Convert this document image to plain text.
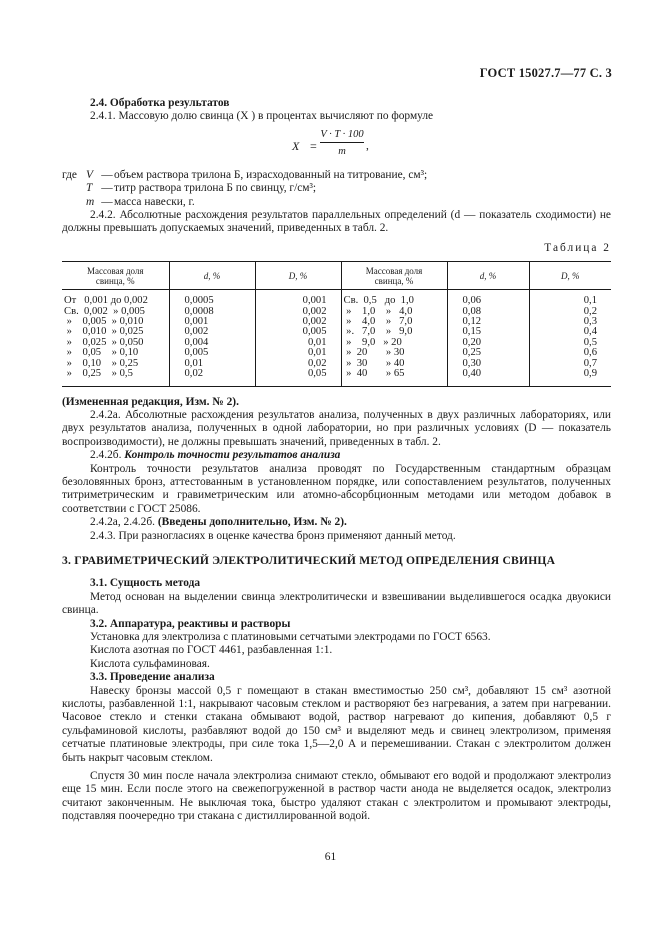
ГОСТ 15027.7—77 С. 3

2.4. Обработка результатов

2.4.1. Массовую долю свинца (X ) в процентах вычисляют по формуле

$X = \frac{V \cdot T \cdot 100}{m}$ ,
где V — объем раствора трилона Б, израсходованный на титрование, см³;
T — титр раствора трилона Б по свинцу, г/см³;
m — масса навески, г.

2.4.2. Абсолютные расхождения результатов параллельных определений (d — показатель сходимости) не должны превышать допускаемых значений, приведенных в табл. 2.

Таблица 2
Массовая доля свинца, %	d, %	D, %	Массовая доля свинца, %	d, %	D, %
От   0,001 до 0,002	0,0005	0,001	Св.  0,5   до  1,0	0,06	0,1
Св.  0,002  » 0,005	0,0008	0,002	»    1,0    »   4,0	0,08	0,2
»    0,005  » 0,010	0,001	0,002	»    4,0    »   7,0	0,12	0,3
»    0,010  » 0,025	0,002	0,005	».   7,0    »   9,0	0,15	0,4
»    0,025  » 0,050	0,004	0,01	»    9,0   » 20	0,20	0,5
»    0,05    » 0,10	0,005	0,01	»  20       » 30	0,25	0,6
»    0,10    » 0,25	0,01	0,02	»  30       » 40	0,30	0,7
»    0,25    » 0,5	0,02	0,05	»  40       » 65	0,40	0,9

(Измененная редакция, Изм. № 2).

2.4.2а. Абсолютные расхождения результатов анализа, полученных в двух различных лабораториях, или двух результатов анализа, полученных в одной лаборатории, но при различных условиях (D — показатель воспроизводимости), не должны превышать значений, приведенных в табл. 2.

2.4.2б. Контроль точности результатов анализа

Контроль точности результатов анализа проводят по Государственным стандартным образцам безоловянных бронз, аттестованным в установленном порядке, или сопоставлением результатов, полученных титриметрическим и гравиметрическим или атомно-абсорбционным методами или методом добавок в соответствии с ГОСТ 25086.

2.4.2а, 2.4.2б. (Введены дополнительно, Изм. № 2).

2.4.3. При разногласиях в оценке качества бронз применяют данный метод.

3. ГРАВИМЕТРИЧЕСКИЙ ЭЛЕКТРОЛИТИЧЕСКИЙ МЕТОД ОПРЕДЕЛЕНИЯ СВИНЦА

3.1. Сущность метода

Метод основан на выделении свинца электролитически и взвешивании выделившегося осадка двуокиси свинца.

3.2. Аппаратура, реактивы и растворы

Установка для электролиза с платиновыми сетчатыми электродами по ГОСТ 6563.

Кислота азотная по ГОСТ 4461, разбавленная 1:1.

Кислота сульфаминовая.

3.3. Проведение анализа

Навеску бронзы массой 0,5 г помещают в стакан вместимостью 250 см³, добавляют 15 см³ азотной кислоты, разбавленной 1:1, накрывают часовым стеклом и растворяют без нагревания, а затем при нагревании. Часовое стекло и стенки стакана обмывают водой, раствор нагревают до кипения, добавляют 0,5 г сульфаминовой кислоты, разбавляют водой до 150 см³ и выделяют медь и свинец электролизом, применяя сетчатые платиновые электроды, при силе тока 1,5—2,0 А и перемешивании. Стакан с электролитом должен быть накрыт часовым стеклом.

Спустя 30 мин после начала электролиза снимают стекло, обмывают его водой и продолжают электролиз еще 15 мин. Если после этого на свежепогруженной в раствор части анода не выделяется осадок, электролиз считают законченным. Не выключая тока, быстро удаляют стакан с электролитом и промывают электроды, подставляя поочередно три стакана с дистиллированной водой.

61
